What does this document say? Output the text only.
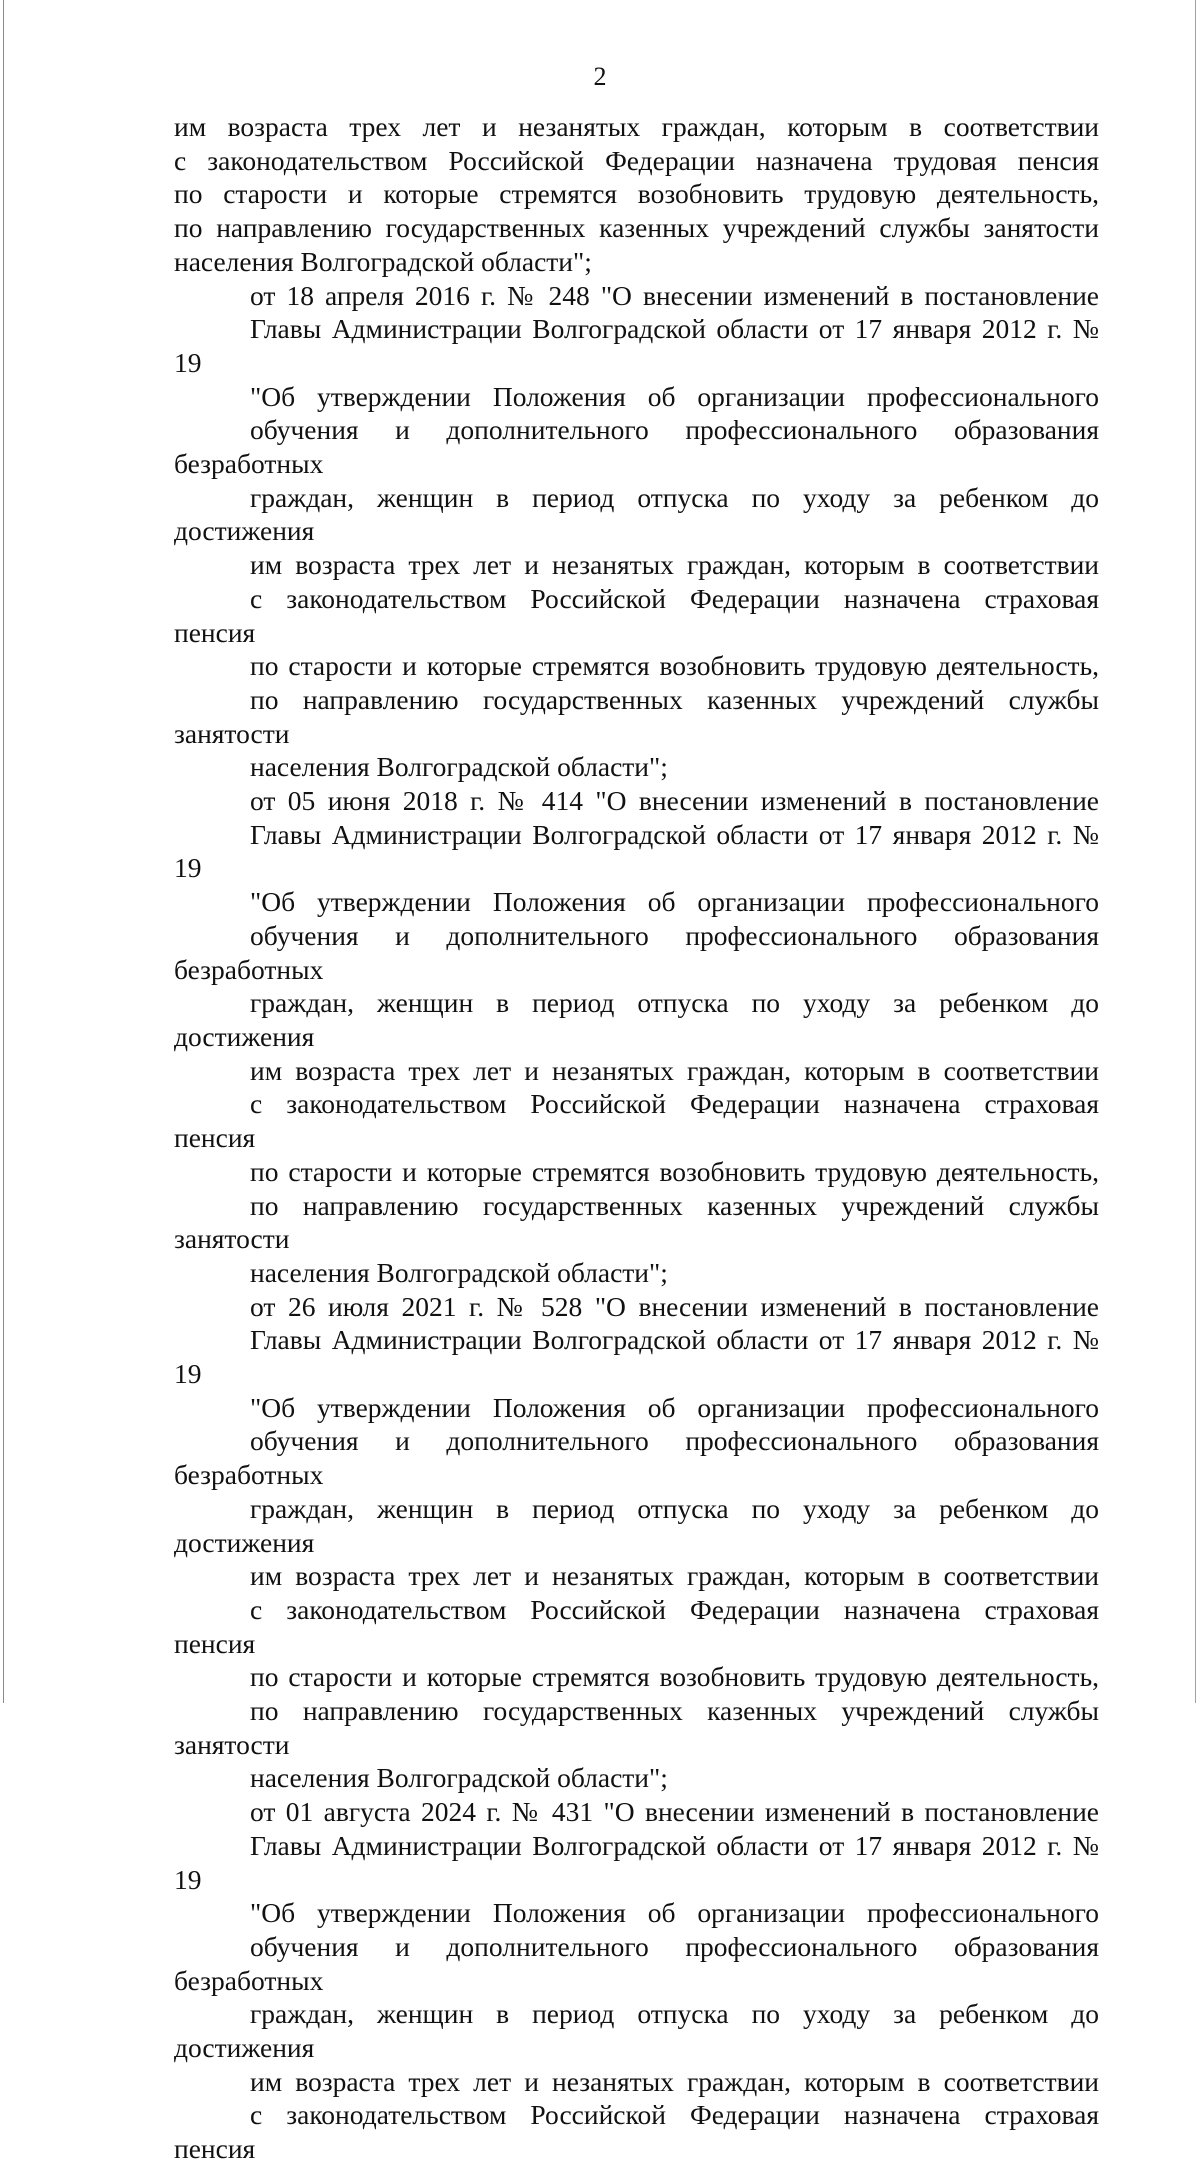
2
им возраста трех лет и незанятых граждан, которым в соответствии
с законодательством Российской Федерации назначена трудовая пенсия
по старости и которые стремятся возобновить трудовую деятельность,
по направлению государственных казенных учреждений службы занятости
населения Волгоградской области";
от 18 апреля 2016 г. № 248 "О внесении изменений в постановление
Главы Администрации Волгоградской области от 17 января 2012 г. № 19
"Об утверждении Положения об организации профессионального
обучения и дополнительного профессионального образования безработных
граждан, женщин в период отпуска по уходу за ребенком до достижения
им возраста трех лет и незанятых граждан, которым в соответствии
с законодательством Российской Федерации назначена страховая пенсия
по старости и которые стремятся возобновить трудовую деятельность,
по направлению государственных казенных учреждений службы занятости
населения Волгоградской области";
от 05 июня 2018 г. № 414 "О внесении изменений в постановление
Главы Администрации Волгоградской области от 17 января 2012 г. № 19
"Об утверждении Положения об организации профессионального
обучения и дополнительного профессионального образования безработных
граждан, женщин в период отпуска по уходу за ребенком до достижения
им возраста трех лет и незанятых граждан, которым в соответствии
с законодательством Российской Федерации назначена страховая пенсия
по старости и которые стремятся возобновить трудовую деятельность,
по направлению государственных казенных учреждений службы занятости
населения Волгоградской области";
от 26 июля 2021 г. № 528 "О внесении изменений в постановление
Главы Администрации Волгоградской области от 17 января 2012 г. № 19
"Об утверждении Положения об организации профессионального
обучения и дополнительного профессионального образования безработных
граждан, женщин в период отпуска по уходу за ребенком до достижения
им возраста трех лет и незанятых граждан, которым в соответствии
с законодательством Российской Федерации назначена страховая пенсия
по старости и которые стремятся возобновить трудовую деятельность,
по направлению государственных казенных учреждений службы занятости
населения Волгоградской области";
от 01 августа 2024 г. № 431 "О внесении изменений в постановление
Главы Администрации Волгоградской области от 17 января 2012 г. № 19
"Об утверждении Положения об организации профессионального
обучения и дополнительного профессионального образования безработных
граждан, женщин в период отпуска по уходу за ребенком до достижения
им возраста трех лет и незанятых граждан, которым в соответствии
с законодательством Российской Федерации назначена страховая пенсия
